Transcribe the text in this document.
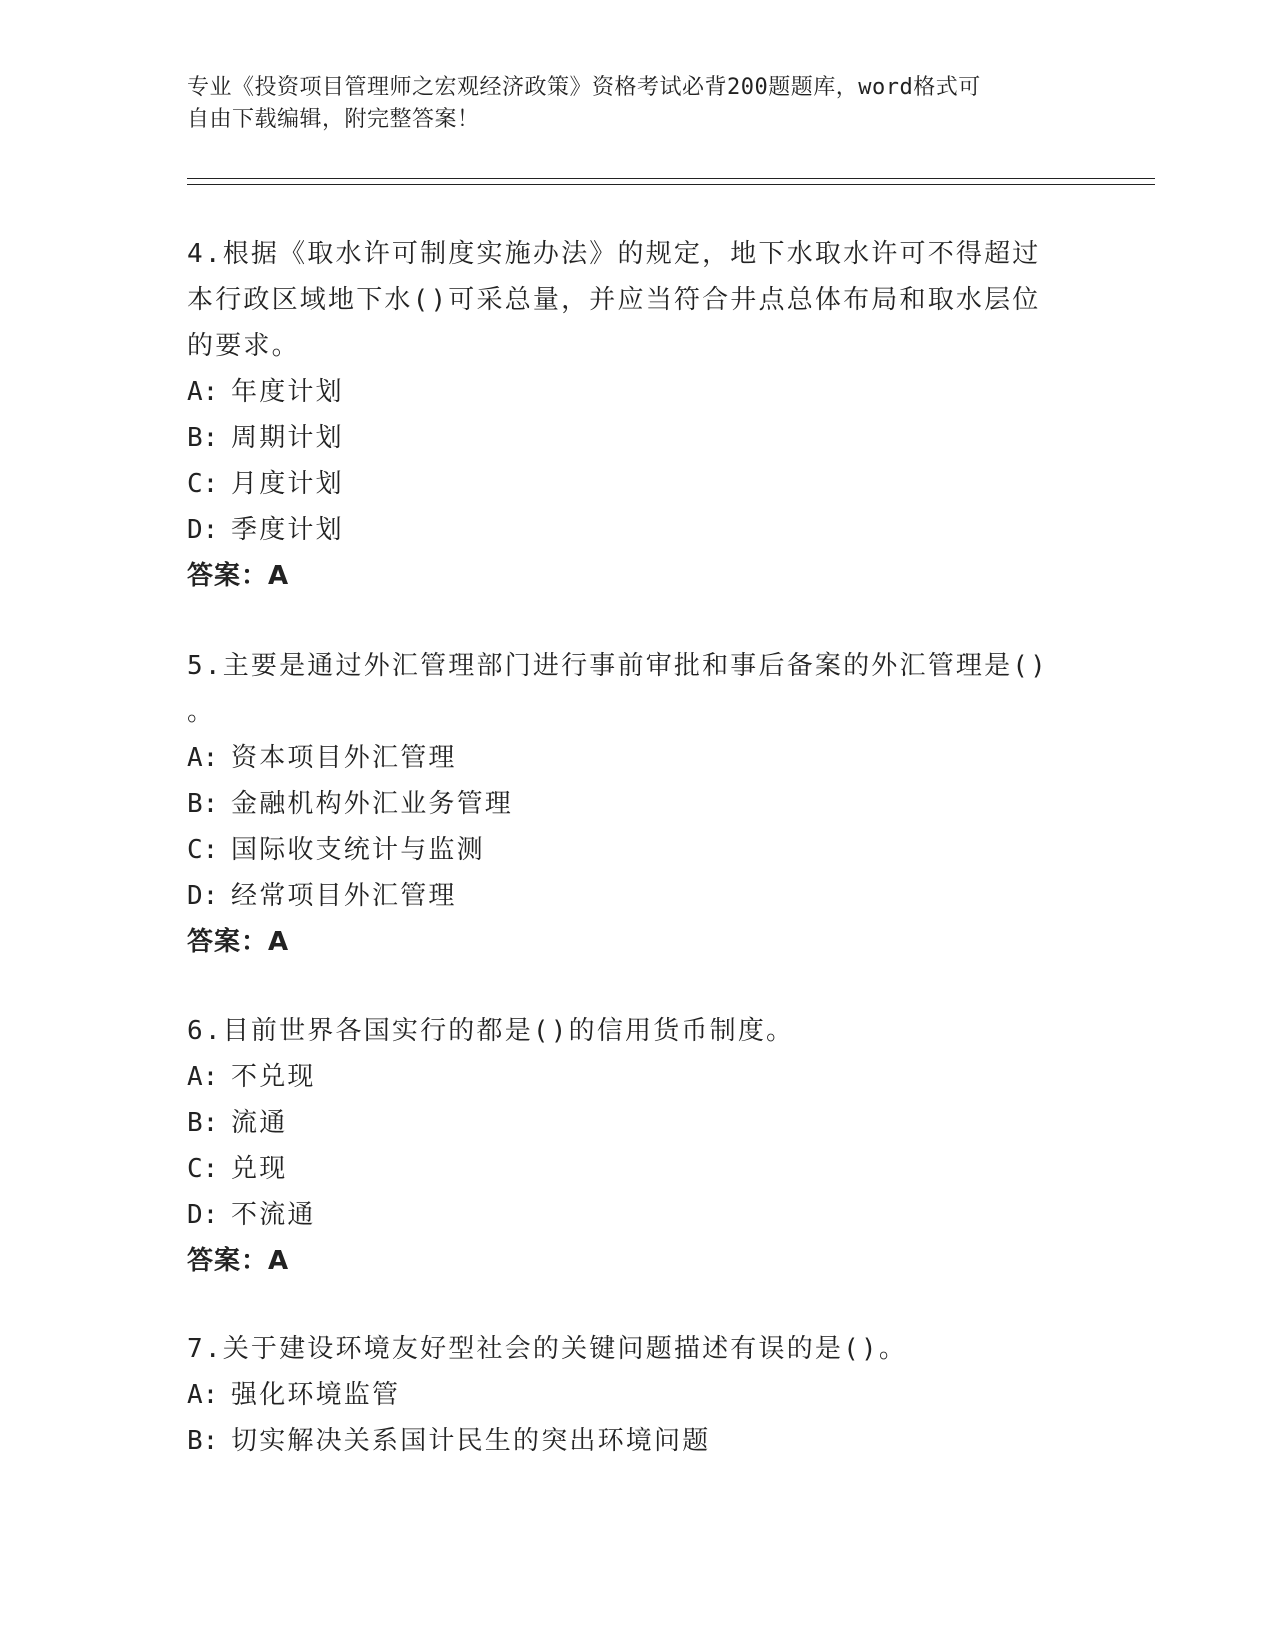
专业《投资项目管理师之宏观经济政策》资格考试必背200题题库，word格式可
自由下载编辑，附完整答案！

4.根据《取水许可制度实施办法》的规定，地下水取水许可不得超过

本行政区域地下水()可采总量，并应当符合井点总体布局和取水层位

的要求。

A: 年度计划

B: 周期计划

C: 月度计划

D: 季度计划

答案：A

5.主要是通过外汇管理部门进行事前审批和事后备案的外汇管理是()

。

A: 资本项目外汇管理

B: 金融机构外汇业务管理

C: 国际收支统计与监测

D: 经常项目外汇管理

答案：A

6.目前世界各国实行的都是()的信用货币制度。

A: 不兑现

B: 流通

C: 兑现

D: 不流通

答案：A

7.关于建设环境友好型社会的关键问题描述有误的是()。

A: 强化环境监管

B: 切实解决关系国计民生的突出环境问题
